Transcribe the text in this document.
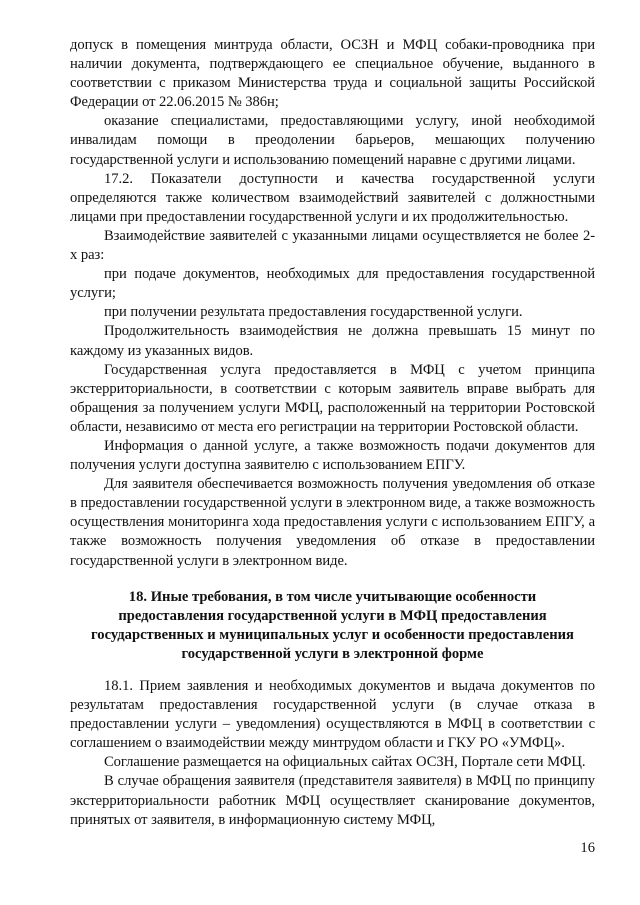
допуск в помещения минтруда области, ОСЗН и МФЦ собаки-проводника при наличии документа, подтверждающего ее специальное обучение, выданного в соответствии с приказом Министерства труда и социальной защиты Российской Федерации от 22.06.2015 № 386н;

оказание специалистами, предоставляющими услугу, иной необходимой инвалидам помощи в преодолении барьеров, мешающих получению государственной услуги и использованию помещений наравне с другими лицами.

17.2. Показатели доступности и качества государственной услуги определяются также количеством взаимодействий заявителей с должностными лицами при предоставлении государственной услуги и их продолжительностью.

Взаимодействие заявителей с указанными лицами осуществляется не более 2-х раз:

при подаче документов, необходимых для предоставления государственной услуги;

при получении результата предоставления государственной услуги.

Продолжительность взаимодействия не должна превышать 15 минут по каждому из указанных видов.

Государственная услуга предоставляется в МФЦ с учетом принципа экстерриториальности, в соответствии с которым заявитель вправе выбрать для обращения за получением услуги МФЦ, расположенный на территории Ростовской области, независимо от места его регистрации на территории Ростовской области.

Информация о данной услуге, а также возможность подачи документов для получения услуги доступна заявителю с использованием ЕПГУ.

Для заявителя обеспечивается возможность получения уведомления об отказе в предоставлении государственной услуги в электронном виде, а также возможность осуществления мониторинга хода предоставления услуги с использованием ЕПГУ, а также возможность получения уведомления об отказе в предоставлении государственной услуги в электронном виде.

18. Иные требования, в том числе учитывающие особенности
предоставления государственной услуги в МФЦ предоставления
государственных и муниципальных услуг и особенности предоставления
государственной услуги в электронной форме

18.1. Прием заявления и необходимых документов и выдача документов по результатам предоставления государственной услуги (в случае отказа в предоставлении услуги – уведомления) осуществляются в МФЦ в соответствии с соглашением о взаимодействии между минтрудом области и ГКУ РО «УМФЦ».

Соглашение размещается на официальных сайтах ОСЗН, Портале сети МФЦ.

В случае обращения заявителя (представителя заявителя) в МФЦ по принципу экстерриториальности работник МФЦ осуществляет сканирование документов, принятых от заявителя, в информационную систему МФЦ,

16
